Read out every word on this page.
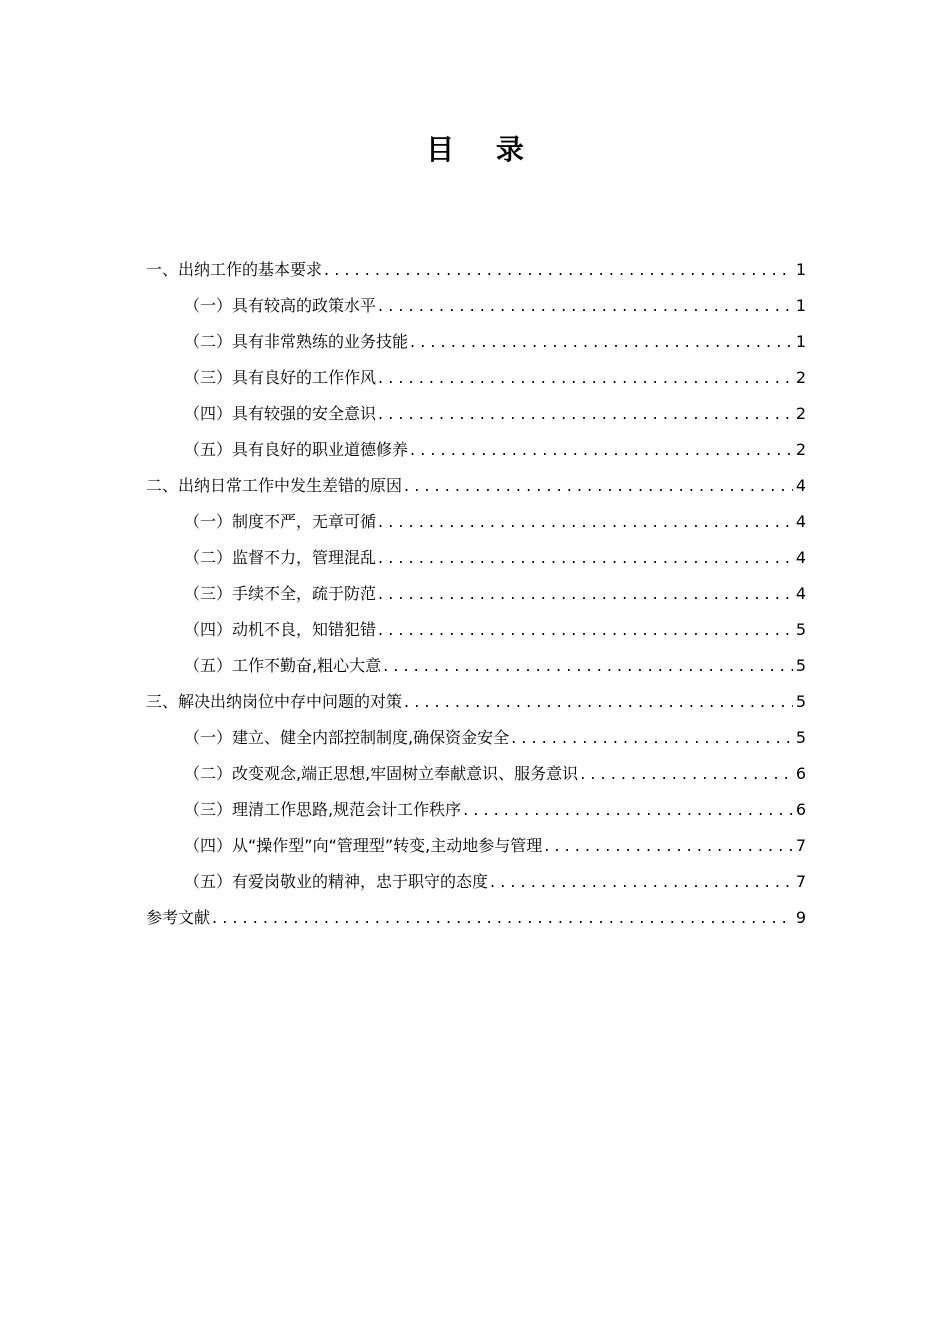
目 录
一、出纳工作的基本要求 . . .	1
（一）具有较高的政策水平 . . .	1
（二）具有非常熟练的业务技能 . . .	1
（三）具有良好的工作作风 . . .	2
（四）具有较强的安全意识 . . .	2
（五）具有良好的职业道德修养 . . .	2
二、出纳日常工作中发生差错的原因 . . .	4
（一）制度不严，无章可循 . . .	4
（二）监督不力，管理混乱 . . .	4
（三）手续不全，疏于防范 . . .	4
（四）动机不良，知错犯错 . . .	5
（五）工作不勤奋,粗心大意 . . .	5
三、解决出纳岗位中存中问题的对策 . . .	5
（一）建立、健全内部控制制度,确保资金安全 . . .	5
（二）改变观念,端正思想,牢固树立奉献意识、服务意识 . . .	6
（三）理清工作思路,规范会计工作秩序 . . .	6
（四）从“操作型”向“管理型”转变,主动地参与管理 . . .	7
（五）有爱岗敬业的精神，忠于职守的态度 . . .	7
参考文献 . . .	9
